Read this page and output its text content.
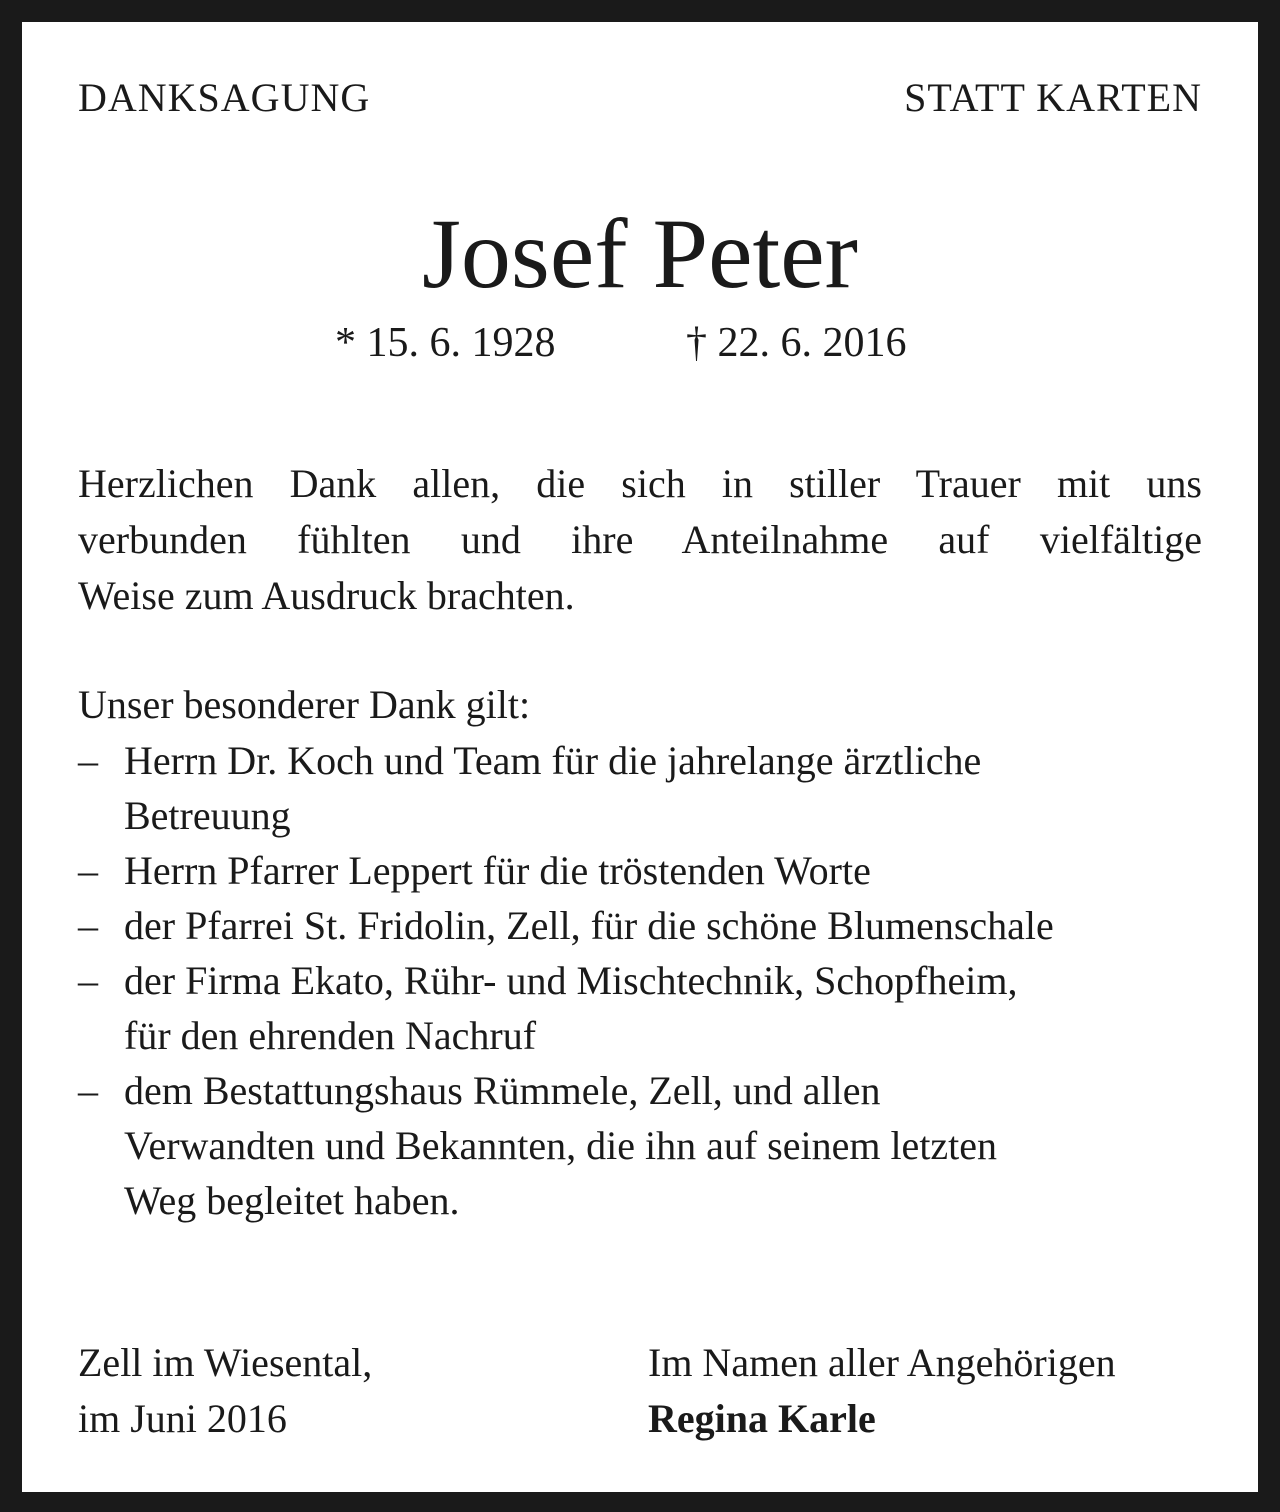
DANKSAGUNG	STATT KARTEN
Josef Peter
* 15. 6. 1928	† 22. 6. 2016
Herzlichen Dank allen, die sich in stiller Trauer mit uns
verbunden fühlten und ihre Anteilnahme auf vielfältige
Weise zum Ausdruck brachten.
Unser besonderer Dank gilt:
– Herrn Dr. Koch und Team für die jahrelange ärztliche
Betreuung
– Herrn Pfarrer Leppert für die tröstenden Worte
– der Pfarrei St. Fridolin, Zell, für die schöne Blumenschale
– der Firma Ekato, Rühr- und Mischtechnik, Schopfheim,
für den ehrenden Nachruf
– dem Bestattungshaus Rümmele, Zell, und allen
Verwandten und Bekannten, die ihn auf seinem letzten
Weg begleitet haben.
Zell im Wiesental,
im Juni 2016
Im Namen aller Angehörigen
Regina Karle
